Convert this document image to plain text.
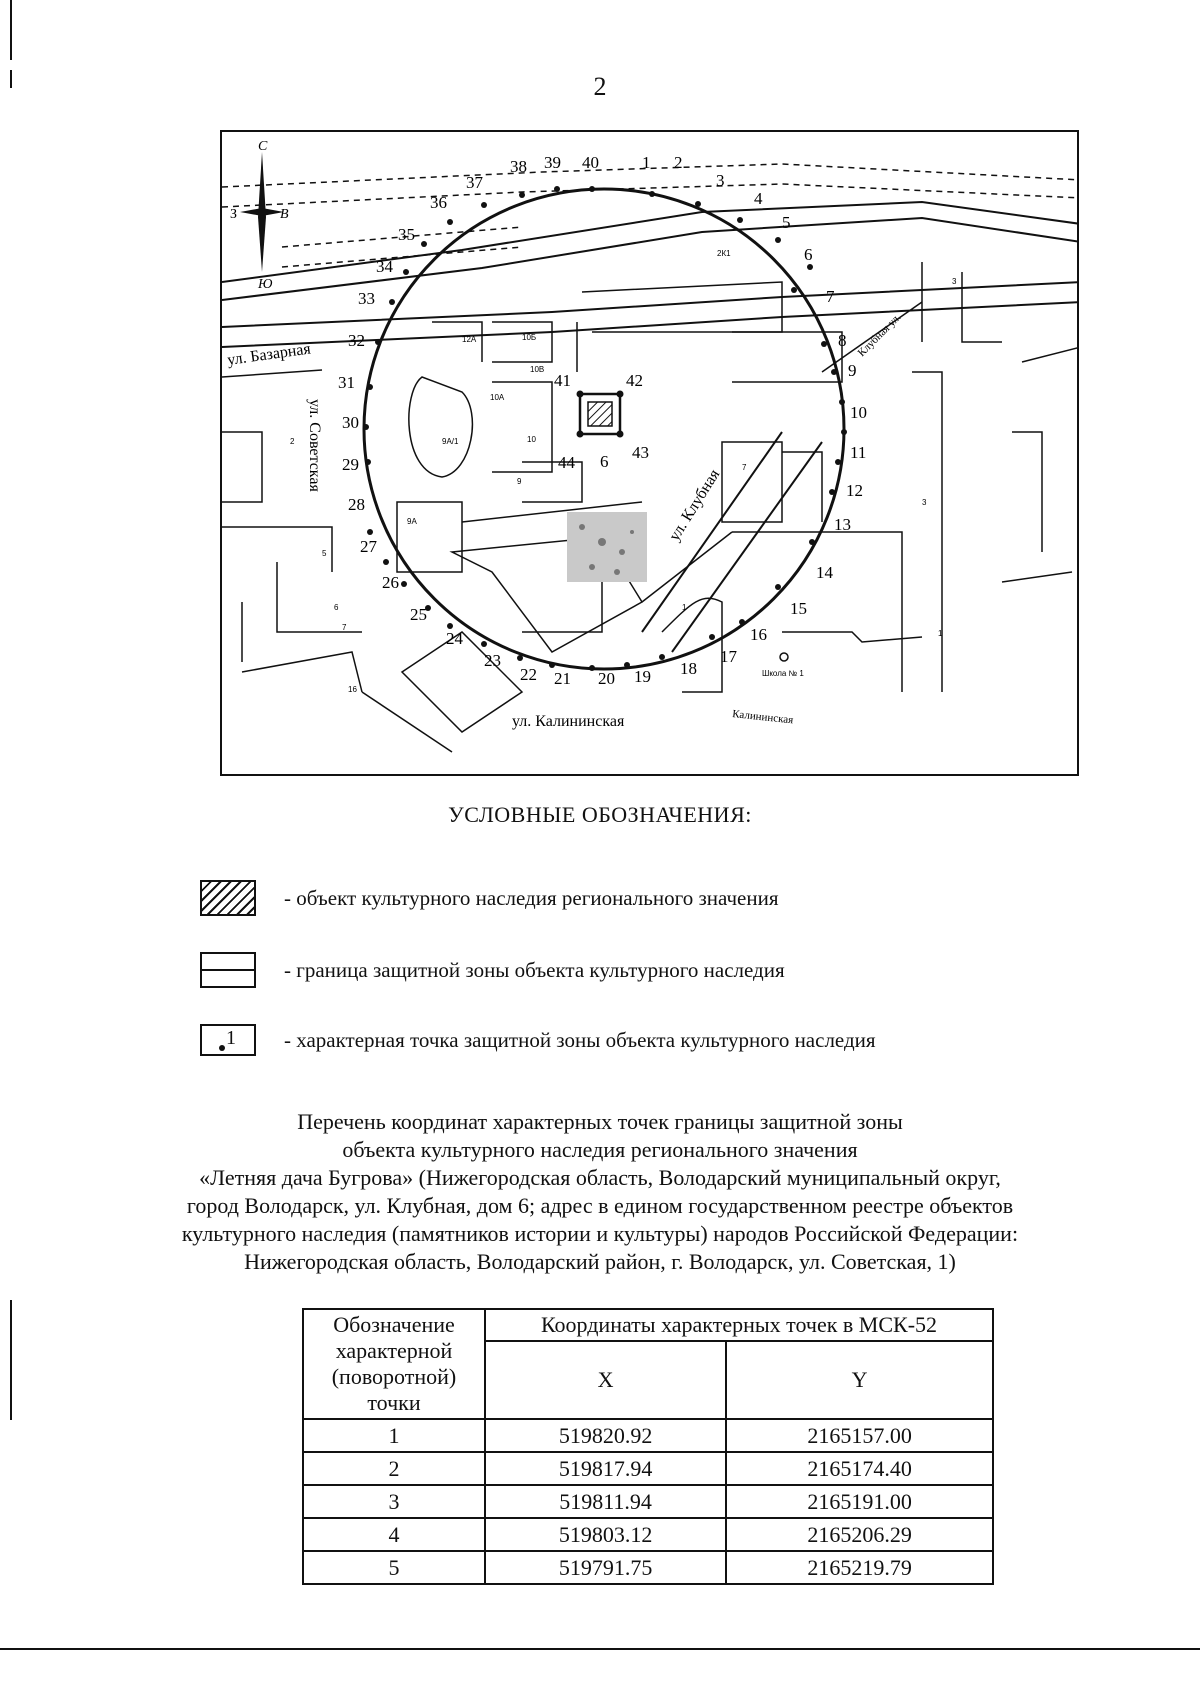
2
С
Ю
З	В
ул. Базарная
ул. Советская
ул. Клубная
Клубная ул.
ул. Калининская	Калининская
12А	10Б
10В
10А
9А/1	10
9
9А
2К1
2
3
5
6
7
16
1
7
3
1
Школа № 1
6
1 2
3
4
5
6
7
8
9
10
11
12
13
14
15
16
17
18
19
20
21
22
23
24
25
26
27
28
29
30
31
32
33
34
35
36
37
38 39 40
41	42
43
44
УСЛОВНЫЕ ОБОЗНАЧЕНИЯ:
- объект культурного наследия регионального значения
- граница защитной зоны объекта культурного наследия
1 - характерная точка защитной зоны объекта культурного наследия
Перечень координат характерных точек границы защитной зоны
объекта культурного наследия регионального значения
«Летняя дача Бугрова» (Нижегородская область, Володарский муниципальный округ,
город Володарск, ул. Клубная, дом 6; адрес в едином государственном реестре объектов
культурного наследия (памятников истории и культуры) народов Российской Федерации:
Нижегородская область, Володарский район, г. Володарск, ул. Советская, 1)
Обозначение
характерной
(поворотной)
точки	Координаты характерных точек в МСК-52	
	X	Y
1	519820.92	2165157.00
2	519817.94	2165174.40
3	519811.94	2165191.00
4	519803.12	2165206.29
5	519791.75	2165219.79
